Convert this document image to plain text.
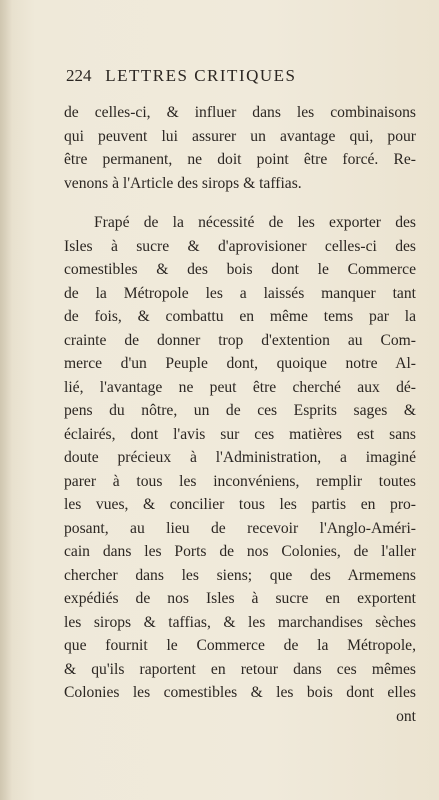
224 LETTRES CRITIQUES
de celles-ci, & influer dans les combinaisons
qui peuvent lui assurer un avantage qui, pour
être permanent, ne doit point être forcé. Re-
venons à l'Article des sirops & taffias.
Frapé de la nécessité de les exporter des
Isles à sucre & d'aprovisioner celles-ci des
comestibles & des bois dont le Commerce
de la Métropole les a laissés manquer tant
de fois, & combattu en même tems par la
crainte de donner trop d'extention au Com-
merce d'un Peuple dont, quoique notre Al-
lié, l'avantage ne peut être cherché aux dé-
pens du nôtre, un de ces Esprits sages &
éclairés, dont l'avis sur ces matières est sans
doute précieux à l'Administration, a imaginé
parer à tous les inconvéniens, remplir toutes
les vues, & concilier tous les partis en pro-
posant, au lieu de recevoir l'Anglo-Améri-
cain dans les Ports de nos Colonies, de l'aller
chercher dans les siens; que des Armemens
expédiés de nos Isles à sucre en exportent
les sirops & taffias, & les marchandises sèches
que fournit le Commerce de la Métropole,
& qu'ils raportent en retour dans ces mêmes
Colonies les comestibles & les bois dont elles
ont
